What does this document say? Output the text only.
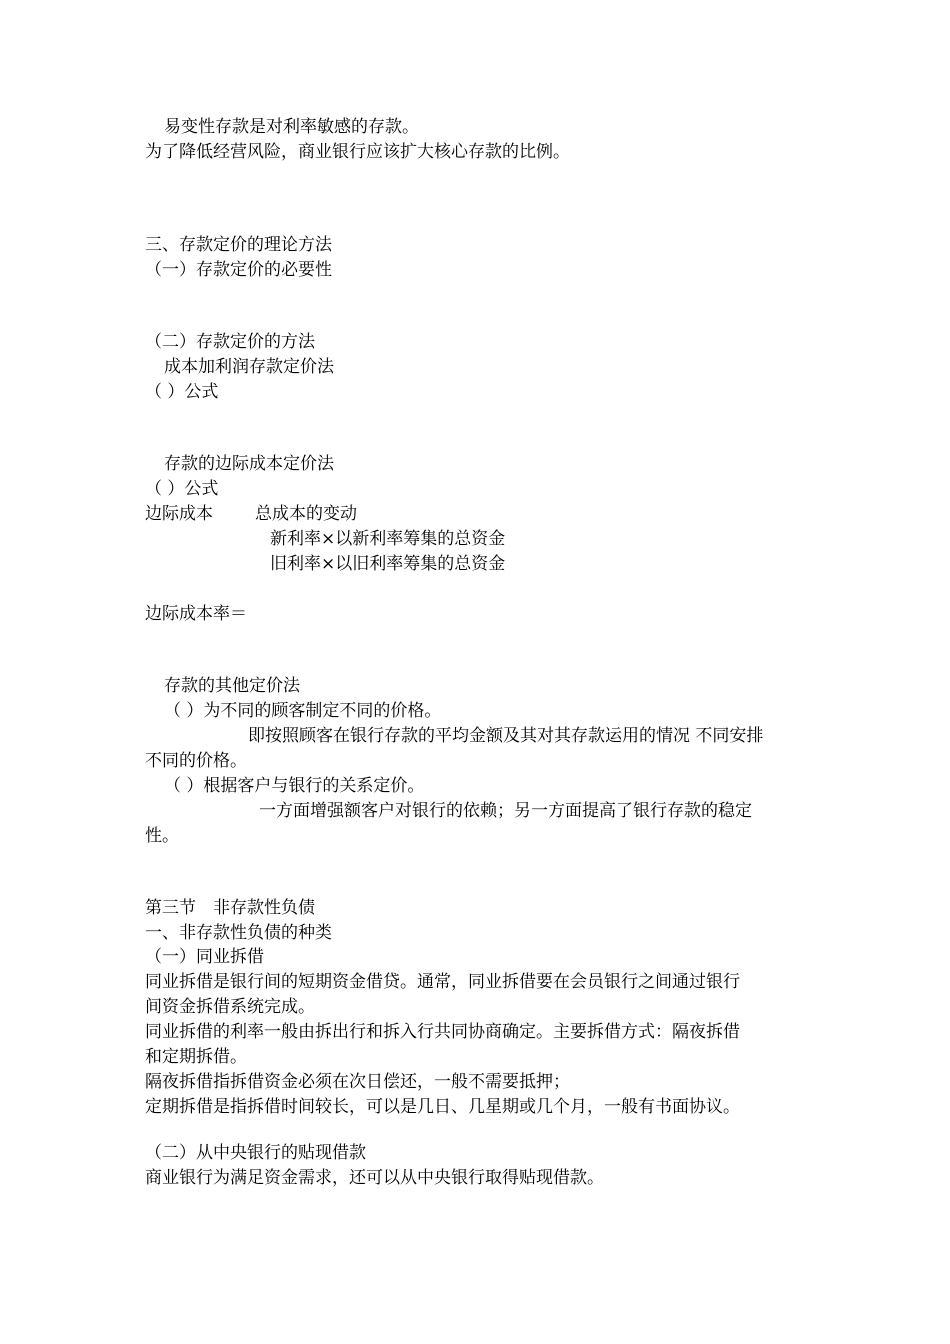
易变性存款是对利率敏感的存款。
为了降低经营风险，商业银行应该扩大核心存款的比例。
三、存款定价的理论方法
（一）存款定价的必要性
（二）存款定价的方法
成本加利润存款定价法
（ ）公式
存款的边际成本定价法
（ ）公式
边际成本 总成本的变动
新利率×以新利率筹集的总资金
旧利率×以旧利率筹集的总资金
边际成本率＝
存款的其他定价法
（ ）为不同的顾客制定不同的价格。
即按照顾客在银行存款的平均金额及其对其存款运用的情况 不同安排
不同的价格。
（ ）根据客户与银行的关系定价。
一方面增强额客户对银行的依赖；另一方面提高了银行存款的稳定
性。
第三节　非存款性负债
一、非存款性负债的种类
（一）同业拆借
同业拆借是银行间的短期资金借贷。通常，同业拆借要在会员银行之间通过银行
间资金拆借系统完成。
同业拆借的利率一般由拆出行和拆入行共同协商确定。主要拆借方式：隔夜拆借
和定期拆借。
隔夜拆借指拆借资金必须在次日偿还，一般不需要抵押；
定期拆借是指拆借时间较长，可以是几日、几星期或几个月，一般有书面协议。
（二）从中央银行的贴现借款
商业银行为满足资金需求，还可以从中央银行取得贴现借款。
